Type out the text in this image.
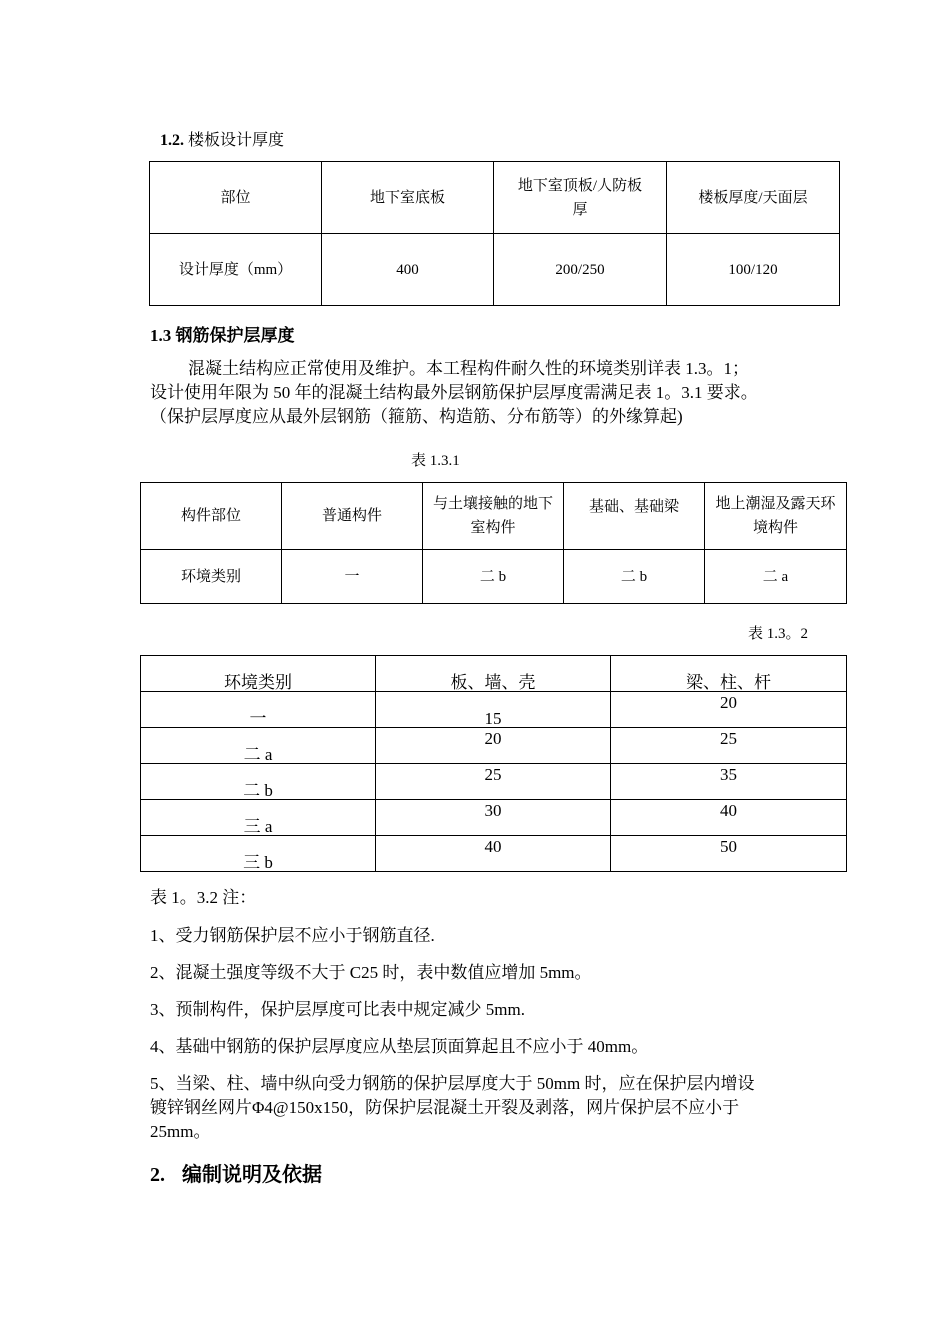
1.2. 楼板设计厚度
部位	地下室底板	地下室顶板/人防板厚	楼板厚度/天面层
设计厚度（mm）	400	200/250	100/120
1.3 钢筋保护层厚度
混凝土结构应正常使用及维护。本工程构件耐久性的环境类别详表 1.3。1；
设计使用年限为 50 年的混凝土结构最外层钢筋保护层厚度需满足表 1。3.1 要求。
（保护层厚度应从最外层钢筋（箍筋、构造筋、分布筋等）的外缘算起)
表 1.3.1
构件部位	普通构件	与土壤接触的地下室构件	基础、基础梁	地上潮湿及露天环境构件
环境类别	一	二 b	二 b	二 a
表 1.3。2
环境类别	板、墙、壳	梁、柱、杆

一	15	20

二 a	20	25

二 b	25	35

三 a	30	40

三 b	40	50
表 1。3.2 注：
1、受力钢筋保护层不应小于钢筋直径.
2、混凝土强度等级不大于 C25 时，表中数值应增加 5mm。
3、预制构件，保护层厚度可比表中规定减少 5mm.
4、基础中钢筋的保护层厚度应从垫层顶面算起且不应小于 40mm。
5、当梁、柱、墙中纵向受力钢筋的保护层厚度大于 50mm 时，应在保护层内增设
镀锌钢丝网片Φ4@150x150，防保护层混凝土开裂及剥落，网片保护层不应小于
25mm。
2. 编制说明及依据
